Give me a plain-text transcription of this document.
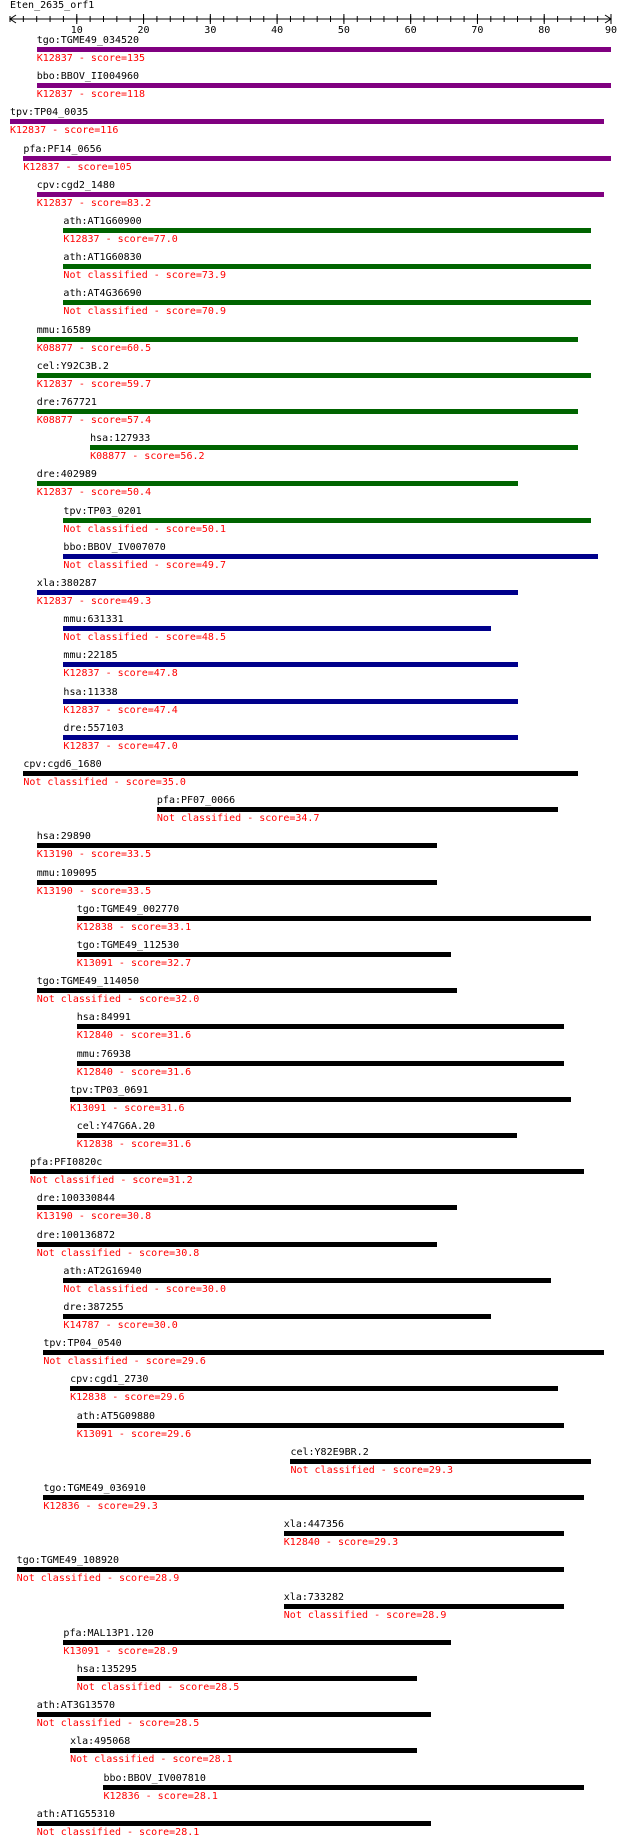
Eten_2635_orf1
10	20	30	40	50	60	70	80	90
tgo:TGME49_034520
K12837 - score=135
bbo:BBOV_II004960
K12837 - score=118
tpv:TP04_0035
K12837 - score=116
pfa:PF14_0656
K12837 - score=105
cpv:cgd2_1480
K12837 - score=83.2
ath:AT1G60900
K12837 - score=77.0
ath:AT1G60830
Not classified - score=73.9
ath:AT4G36690
Not classified - score=70.9
mmu:16589
K08877 - score=60.5
cel:Y92C3B.2
K12837 - score=59.7
dre:767721
K08877 - score=57.4
hsa:127933
K08877 - score=56.2
dre:402989
K12837 - score=50.4
tpv:TP03_0201
Not classified - score=50.1
bbo:BBOV_IV007070
Not classified - score=49.7
xla:380287
K12837 - score=49.3
mmu:631331
Not classified - score=48.5
mmu:22185
K12837 - score=47.8
hsa:11338
K12837 - score=47.4
dre:557103
K12837 - score=47.0
cpv:cgd6_1680
Not classified - score=35.0
pfa:PF07_0066
Not classified - score=34.7
hsa:29890
K13190 - score=33.5
mmu:109095
K13190 - score=33.5
tgo:TGME49_002770
K12838 - score=33.1
tgo:TGME49_112530
K13091 - score=32.7
tgo:TGME49_114050
Not classified - score=32.0
hsa:84991
K12840 - score=31.6
mmu:76938
K12840 - score=31.6
tpv:TP03_0691
K13091 - score=31.6
cel:Y47G6A.20
K12838 - score=31.6
pfa:PFI0820c
Not classified - score=31.2
dre:100330844
K13190 - score=30.8
dre:100136872
Not classified - score=30.8
ath:AT2G16940
Not classified - score=30.0
dre:387255
K14787 - score=30.0
tpv:TP04_0540
Not classified - score=29.6
cpv:cgd1_2730
K12838 - score=29.6
ath:AT5G09880
K13091 - score=29.6
cel:Y82E9BR.2
Not classified - score=29.3
tgo:TGME49_036910
K12836 - score=29.3
xla:447356
K12840 - score=29.3
tgo:TGME49_108920
Not classified - score=28.9
xla:733282
Not classified - score=28.9
pfa:MAL13P1.120
K13091 - score=28.9
hsa:135295
Not classified - score=28.5
ath:AT3G13570
Not classified - score=28.5
xla:495068
Not classified - score=28.1
bbo:BBOV_IV007810
K12836 - score=28.1
ath:AT1G55310
Not classified - score=28.1
